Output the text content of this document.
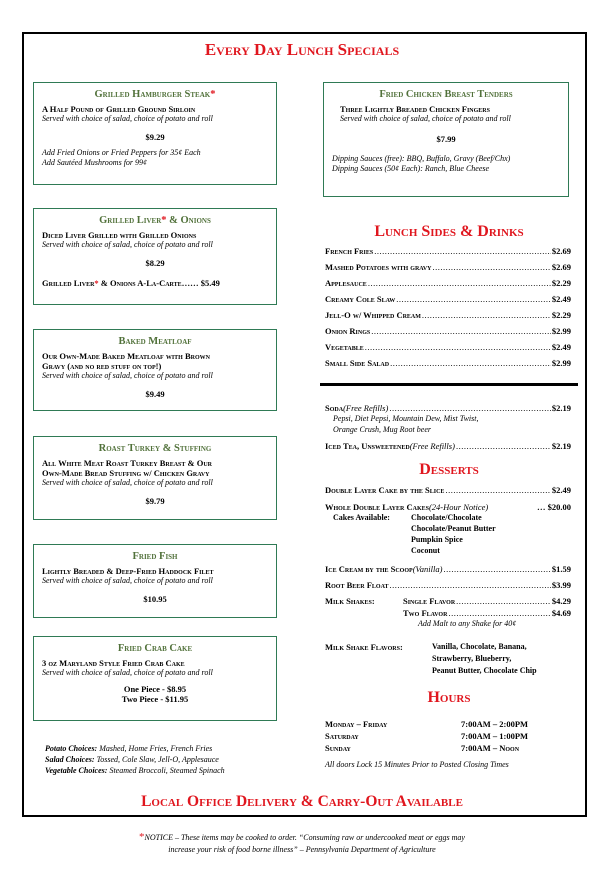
Every Day Lunch Specials
Grilled Hamburger Steak*
A Half Pound of Grilled Ground Sirloin
Served with choice of salad, choice of potato and roll
$9.29
Add Fried Onions or Fried Peppers for 35¢ Each
Add Sautéed Mushrooms for 99¢
Grilled Liver* & Onions
Diced Liver Grilled with Grilled Onions
Served with choice of salad, choice of potato and roll
$8.29
Grilled Liver* & Onions A-La-Carte…… $5.49
Baked Meatloaf
Our Own-Made Baked Meatloaf with Brown
Gravy (and no red stuff on top!)
Served with choice of salad, choice of potato and roll
$9.49
Roast Turkey & Stuffing
All White Meat Roast Turkey Breast & Our
Own-Made Bread Stuffing w/ Chicken Gravy
Served with choice of salad, choice of potato and roll
$9.79
Fried Fish
Lightly Breaded & Deep-Fried Haddock Filet
Served with choice of salad, choice of potato and roll
$10.95
Fried Crab Cake
3 oz Maryland Style Fried Crab Cake
Served with choice of salad, choice of potato and roll
One Piece - $8.95
Two Piece - $11.95
Potato Choices: Mashed, Home Fries, French Fries
Salad Choices: Tossed, Cole Slaw, Jell-O, Applesauce
Vegetable Choices: Steamed Broccoli, Steamed Spinach
Fried Chicken Breast Tenders
Three Lightly Breaded Chicken Fingers
Served with choice of salad, choice of potato and roll
$7.99
Dipping Sauces (free): BBQ, Buffalo, Gravy (Beef/Chx)
Dipping Sauces (50¢ Each): Ranch, Blue Cheese
Lunch Sides & Drinks
French Fries .....	$2.69
Mashed Potatoes with gravy .....	$2.69
Applesauce .....	$2.29
Creamy Cole Slaw .....	$2.49
Jell-O w/ Whipped Cream .....	$2.29
Onion Rings .....	$2.99
Vegetable .....	$2.49
Small Side Salad .....	$2.99
Soda (Free Refills) .....	$2.19
Pepsi, Diet Pepsi, Mountain Dew, Mist Twist,
Orange Crush, Mug Root beer
Iced Tea, Unsweetened (Free Refills) .....	$2.19
Desserts
Double Layer Cake by the Slice .....	$2.49
Whole Double Layer Cakes (24-Hour Notice)	… $20.00
Cakes Available:	Chocolate/Chocolate
Chocolate/Peanut Butter
Pumpkin Spice
Coconut
Ice Cream by the Scoop (Vanilla) .....	$1.59
Root Beer Float .....	$3.99
Milk Shakes:	Single Flavor .....	$4.29
Two Flavor .....	$4.69
Add Malt to any Shake for 40¢
Milk Shake Flavors:	Vanilla, Chocolate, Banana,
Strawberry, Blueberry,
Peanut Butter, Chocolate Chip
Hours
Monday – Friday	7:00AM – 2:00PM
Saturday	7:00AM – 1:00PM
Sunday	7:00AM – Noon
All doors Lock 15 Minutes Prior to Posted Closing Times
Local Office Delivery & Carry-Out Available
*NOTICE – These items may be cooked to order. “Consuming raw or undercooked meat or eggs may
increase your risk of food borne illness” – Pennsylvania Department of Agriculture
